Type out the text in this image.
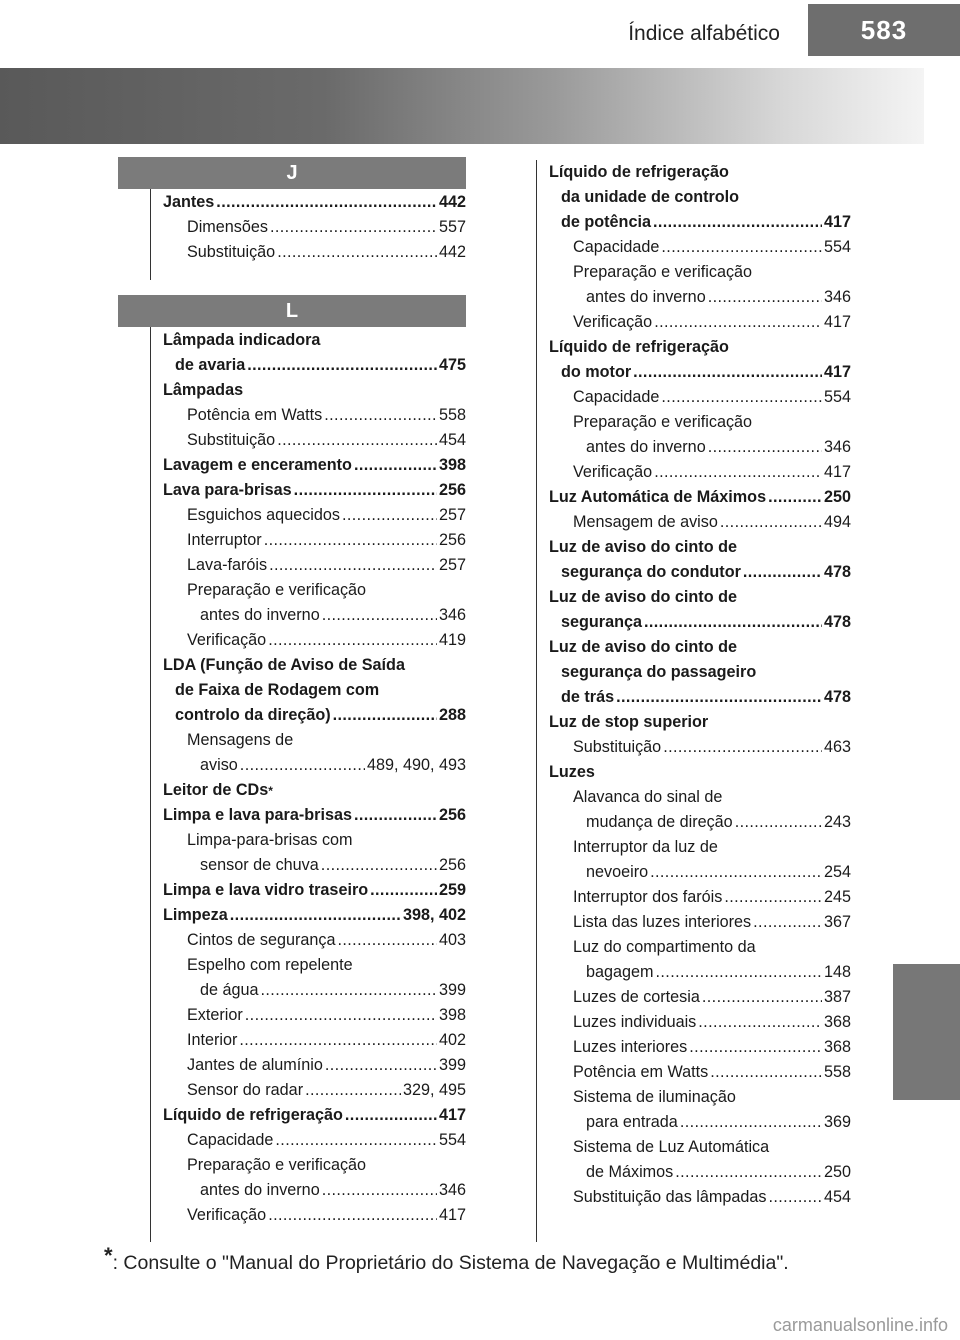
Índice alfabético	583
J
L
Jantes .....	442
Dimensões .....	557
Substituição .....	442
Lâmpada indicadora
de avaria .....	475
Lâmpadas
Potência em Watts .....	558
Substituição .....	454
Lavagem e enceramento .....	398
Lava para-brisas .....	256
Esguichos aquecidos .....	257
Interruptor .....	256
Lava-faróis .....	257
Preparação e verificação
antes do inverno .....	346
Verificação .....	419
LDA (Função de Aviso de Saída
de Faixa de Rodagem com
controlo da direção) .....	288
Mensagens de
aviso .....	489, 490, 493
Leitor de CDs *
Limpa e lava para-brisas .....	256
Limpa-para-brisas com
sensor de chuva .....	256
Limpa e lava vidro traseiro .....	259
Limpeza .....	398, 402
Cintos de segurança .....	403
Espelho com repelente
de água .....	399
Exterior .....	398
Interior .....	402
Jantes de alumínio .....	399
Sensor do radar .....	329, 495
Líquido de refrigeração .....	417
Capacidade .....	554
Preparação e verificação
antes do inverno .....	346
Verificação .....	417
Líquido de refrigeração
da unidade de controlo
de potência .....	417
Capacidade .....	554
Preparação e verificação
antes do inverno .....	346
Verificação .....	417
Líquido de refrigeração
do motor .....	417
Capacidade .....	554
Preparação e verificação
antes do inverno .....	346
Verificação .....	417
Luz Automática de Máximos .....	250
Mensagem de aviso .....	494
Luz de aviso do cinto de
segurança do condutor .....	478
Luz de aviso do cinto de
segurança .....	478
Luz de aviso do cinto de
segurança do passageiro
de trás .....	478
Luz de stop superior
Substituição .....	463
Luzes
Alavanca do sinal de
mudança de direção .....	243
Interruptor da luz de
nevoeiro .....	254
Interruptor dos faróis .....	245
Lista das luzes interiores .....	367
Luz do compartimento da
bagagem .....	148
Luzes de cortesia .....	387
Luzes individuais .....	368
Luzes interiores .....	368
Potência em Watts .....	558
Sistema de iluminação
para entrada .....	369
Sistema de Luz Automática
de Máximos .....	250
Substituição das lâmpadas .....	454
*: Consulte o "Manual do Proprietário do Sistema de Navegação e Multimédia".
carmanualsonline.info
